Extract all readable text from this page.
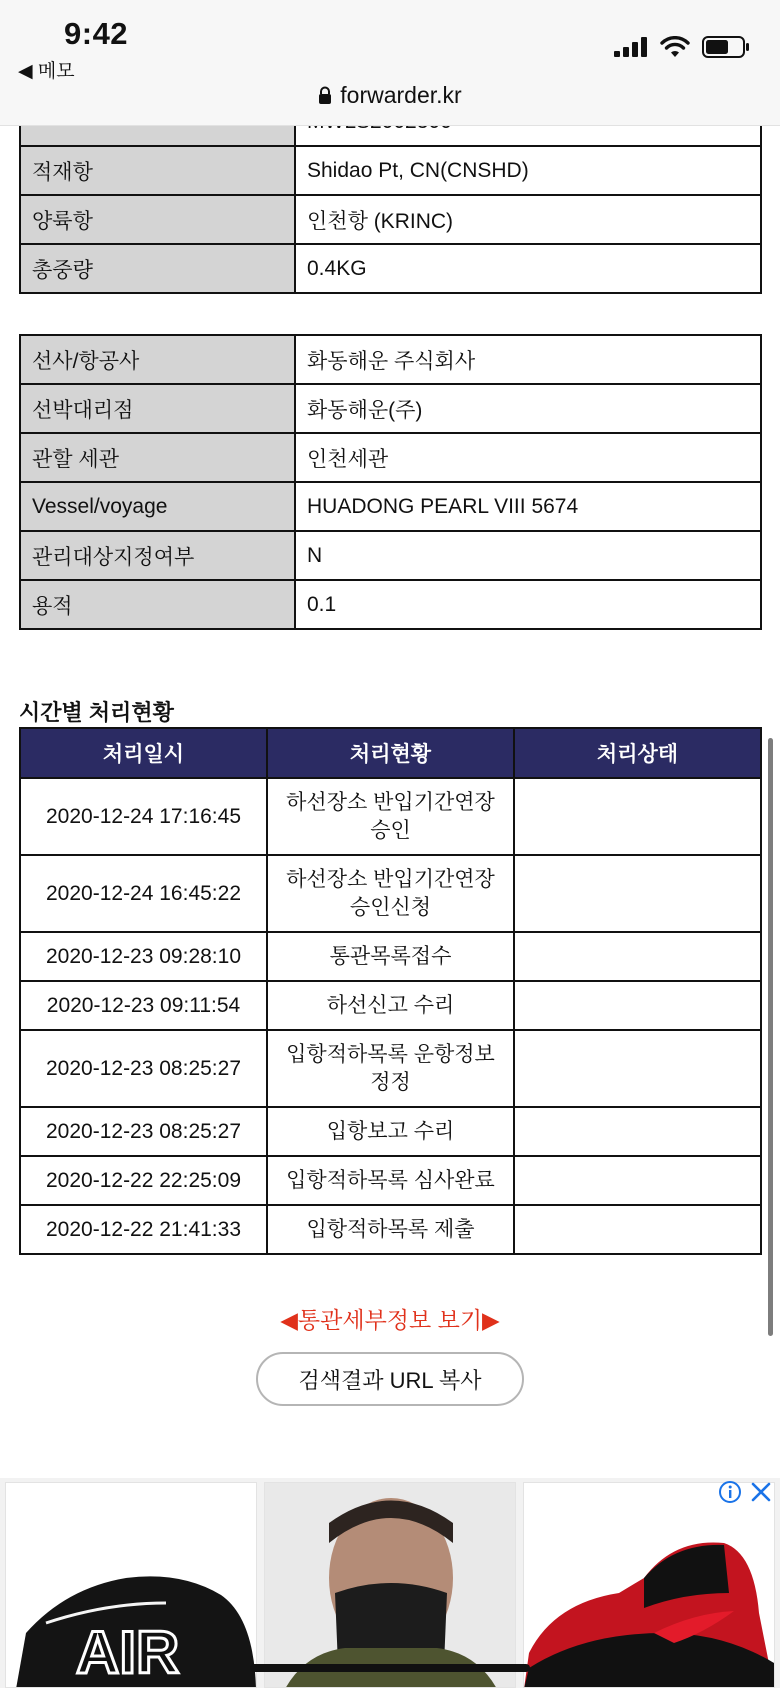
9:42
◀ 메모
forwarder.kr

적재항	Shidao Pt, CN(CNSHD)
양륙항	인천항 (KRINC)
총중량	0.4KG
선사/항공사	화동해운 주식회사
선박대리점	화동해운(주)
관할 세관	인천세관
Vessel/voyage	HUADONG PEARL VIII 5674
관리대상지정여부	N
용적	0.1
시간별 처리현황
처리일시	처리현황	처리상태
2020-12-24 17:16:45	하선장소 반입기간연장
승인	
2020-12-24 16:45:22	하선장소 반입기간연장
승인신청	
2020-12-23 09:28:10	통관목록접수	
2020-12-23 09:11:54	하선신고 수리	
2020-12-23 08:25:27	입항적하목록 운항정보
정정	
2020-12-23 08:25:27	입항보고 수리	
2020-12-22 22:25:09	입항적하목록 심사완료	
2020-12-22 21:41:33	입항적하목록 제출	
◀통관세부정보 보기▶
검색결과 URL 복사
AIR
